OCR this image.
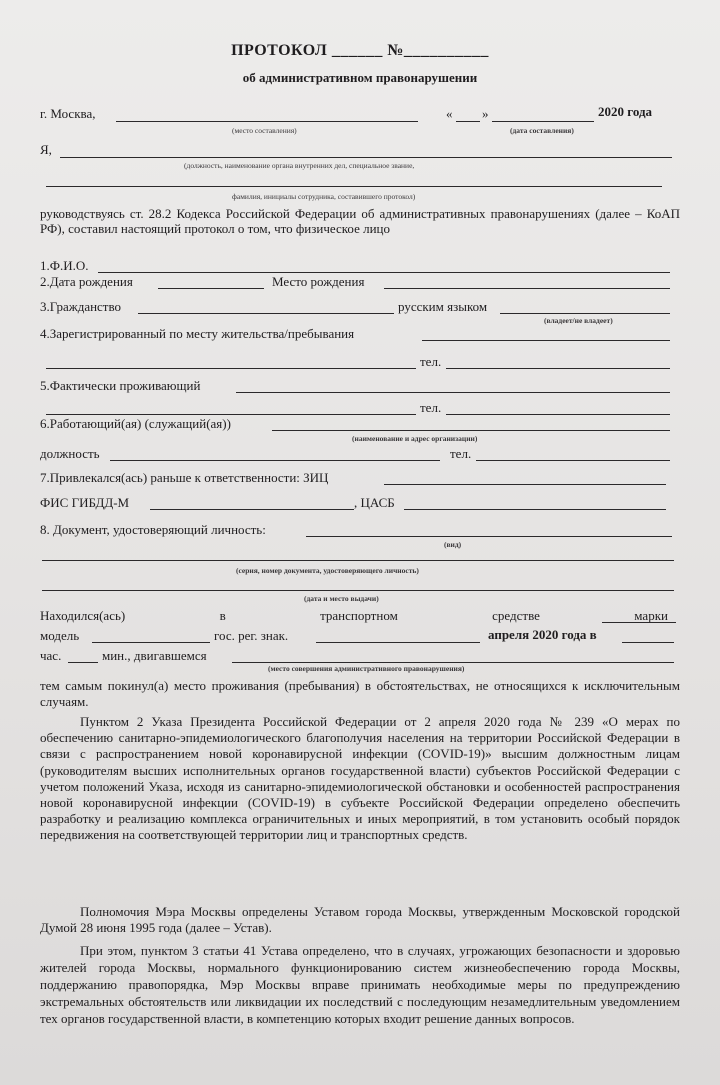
ПРОТОКОЛ ______ №__________
об административном правонарушении
г. Москва,	« »	2020 года
(место составления)	(дата составления)
Я,
(должность, наименование органа внутренних дел, специальное звание,
фамилия, инициалы сотрудника, составившего протокол)
руководствуясь ст. 28.2 Кодекса Российской Федерации об административных правонарушениях (далее – КоАП РФ), составил настоящий протокол о том, что физическое лицо
1.Ф.И.О.
2.Дата рождения	Место рождения
3.Гражданство	русским языком
(владеет/не владеет)
4.Зарегистрированный по месту жительства/пребывания
тел.
5.Фактически проживающий
тел.
6.Работающий(ая) (служащий(ая))
(наименование и адрес организации)
должность	тел.
7.Привлекался(ась) раньше к ответственности: ЗИЦ
ФИС ГИБДД-М	, ЦАСБ
8. Документ, удостоверяющий личность:
(вид)
(серия, номер документа, удостоверяющего личность)
(дата и место выдачи)
Находился(ась)	в	транспортном	средстве	марки
модель	гос. рег. знак.	апреля 2020 года в
час.	мин., двигавшемся
(место совершения административного правонарушения)
тем самым покинул(а) место проживания (пребывания) в обстоятельствах, не относящихся к исключительным случаям.
Пунктом 2 Указа Президента Российской Федерации от 2 апреля 2020 года № 239 «О мерах по обеспечению санитарно-эпидемиологического благополучия населения на территории Российской Федерации в связи с распространением новой коронавирусной инфекции (COVID-19)» высшим должностным лицам (руководителям высших исполнительных органов государственной власти) субъектов Российской Федерации с учетом положений Указа, исходя из санитарно-эпидемиологической обстановки и особенностей распространения новой коронавирусной инфекции (COVID-19) в субъекте Российской Федерации определено обеспечить разработку и реализацию комплекса ограничительных и иных мероприятий, в том установить особый порядок передвижения на соответствующей территории лиц и транспортных средств.
Полномочия Мэра Москвы определены Уставом города Москвы, утвержденным Московской городской Думой 28 июня 1995 года (далее – Устав).
При этом, пунктом 3 статьи 41 Устава определено, что в случаях, угрожающих безопасности и здоровью жителей города Москвы, нормального функционированию систем жизнеобеспечению города Москвы, поддержанию правопорядка, Мэр Москвы вправе принимать необходимые меры по предупреждению экстремальных обстоятельств или ликвидации их последствий с последующим незамедлительным уведомлением тех органов государственной власти, в компетенцию которых входит решение данных вопросов.
